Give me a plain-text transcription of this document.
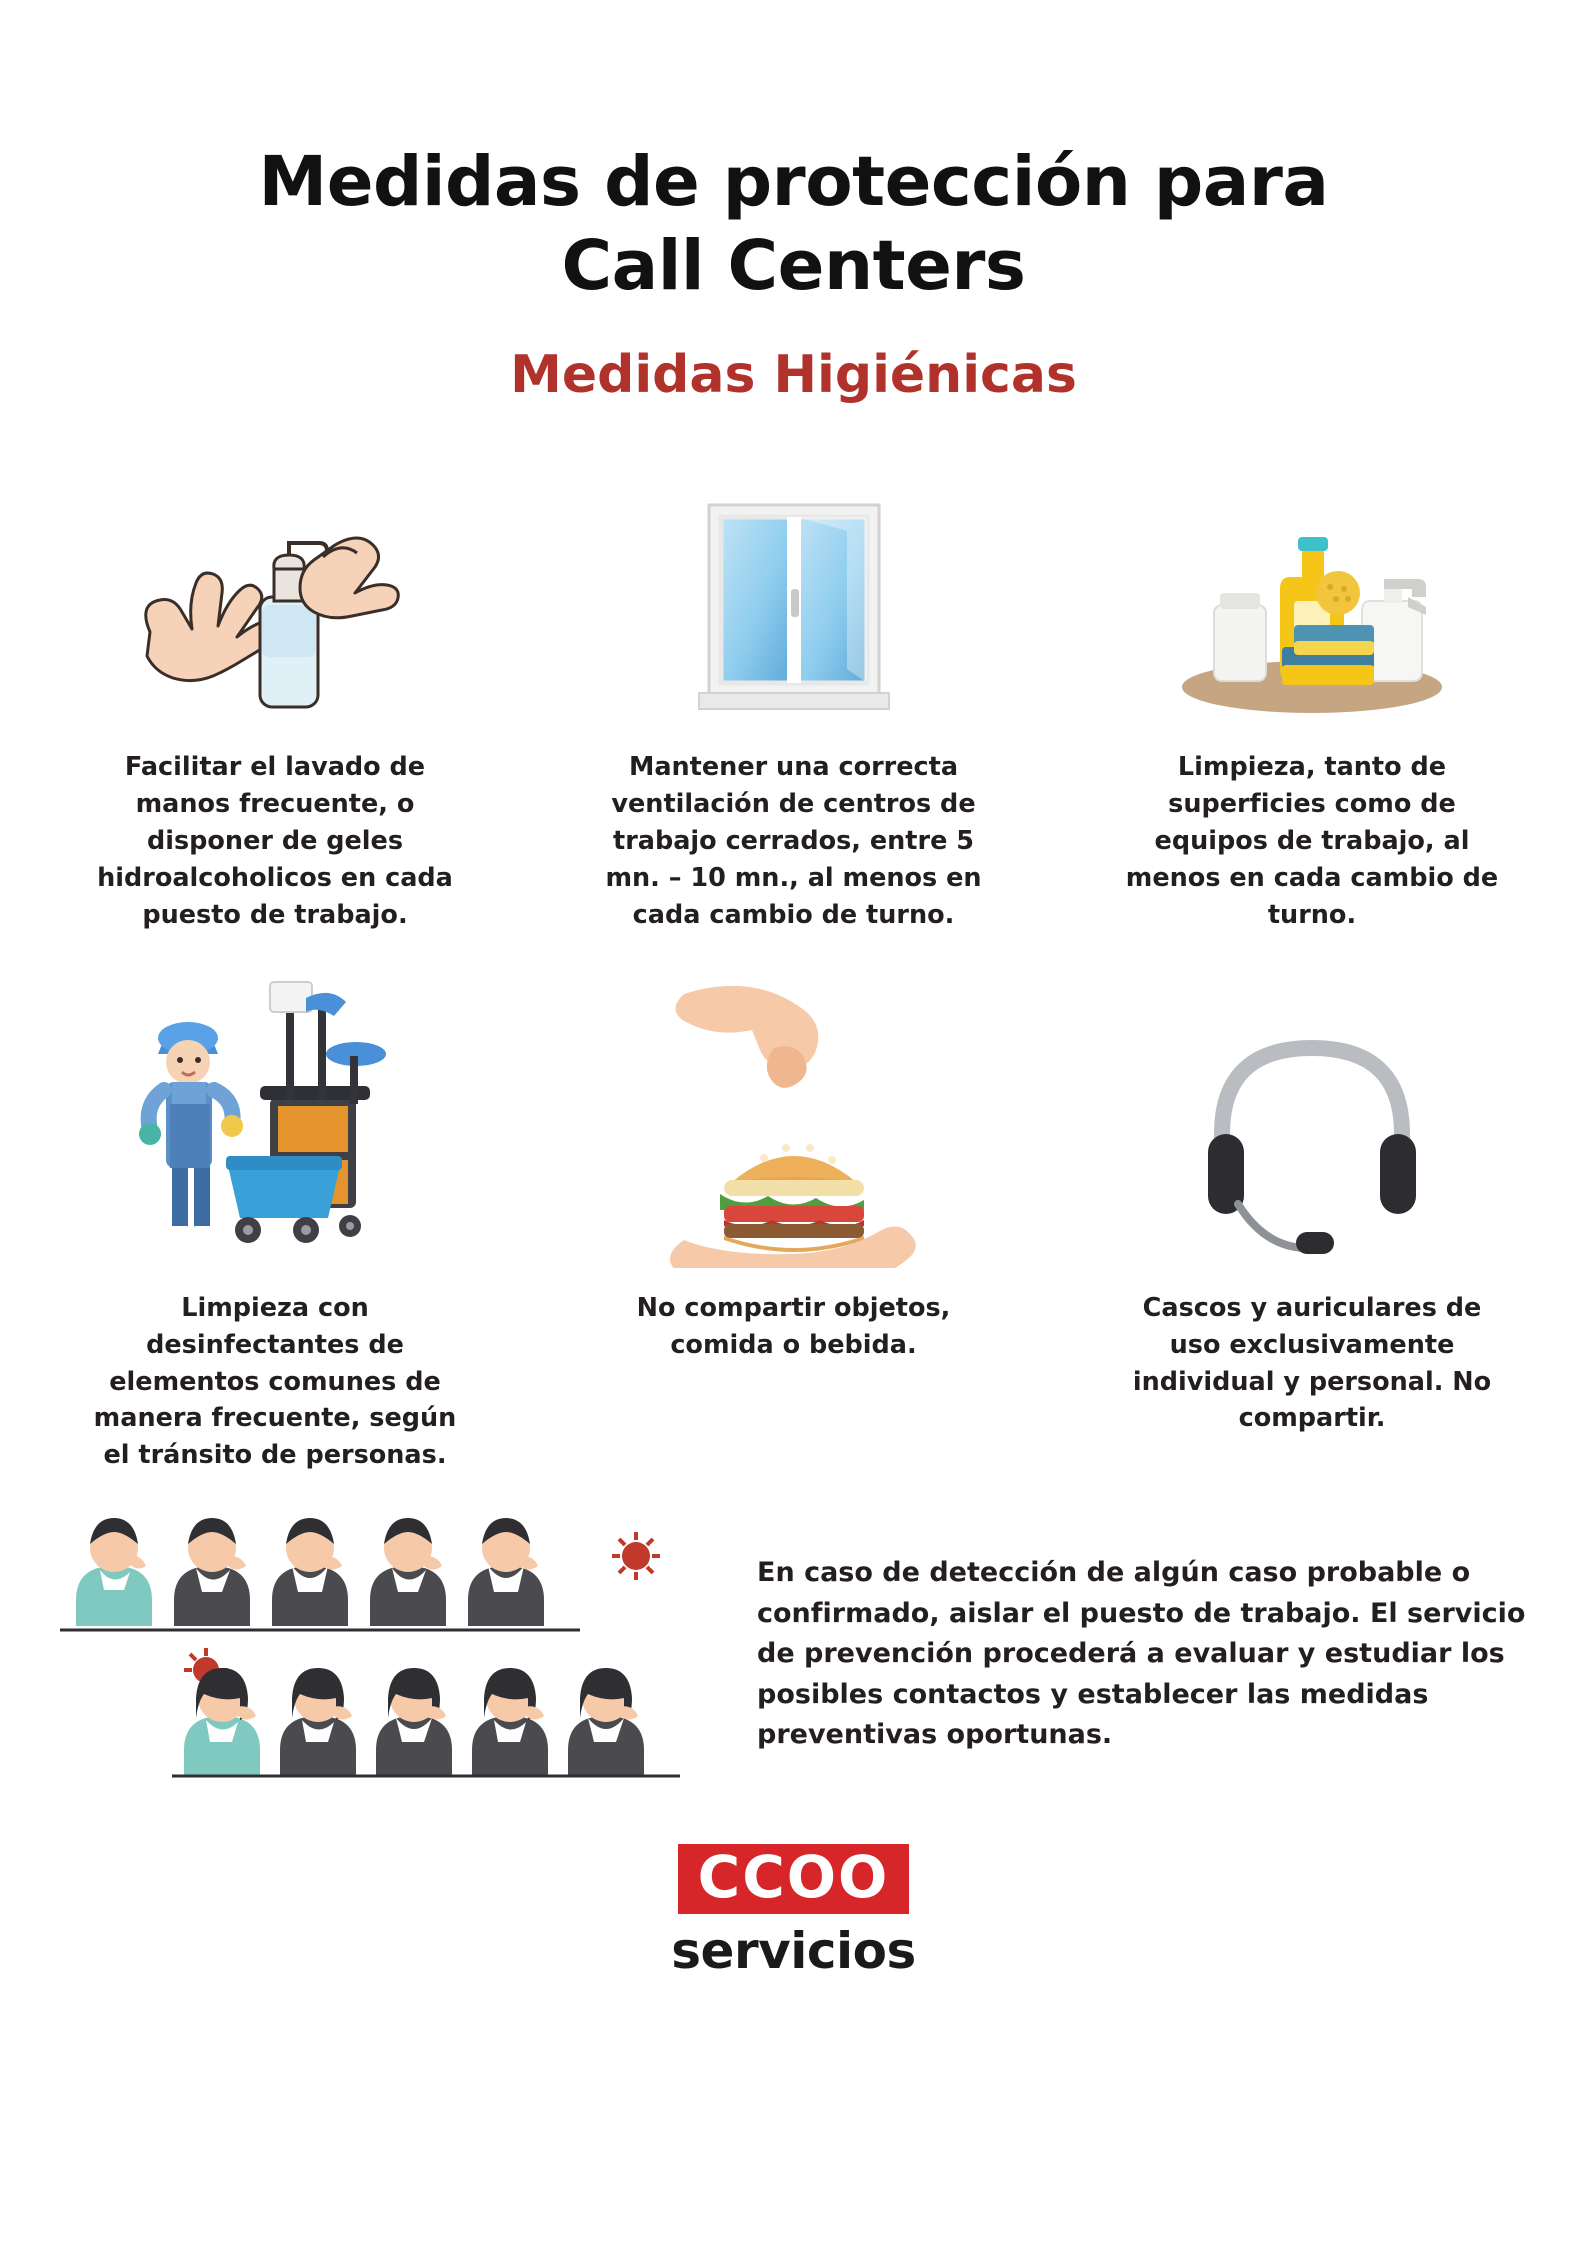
Medidas de protección para
Call Centers
Medidas Higiénicas
Facilitar el lavado de manos frecuente, o disponer de geles hidroalcoholicos en cada puesto de trabajo.
Mantener una correcta ventilación de centros de trabajo cerrados, entre 5 mn. – 10 mn., al menos en cada cambio de turno.
Limpieza, tanto de superficies como de equipos de trabajo, al menos en cada cambio de turno.
Limpieza con desinfectantes de elementos comunes de manera frecuente, según el tránsito de personas.
No compartir objetos, comida o bebida.
Cascos y auriculares de uso exclusivamente individual y personal. No compartir.
En caso de detección de algún caso probable o confirmado, aislar el puesto de trabajo. El servicio de prevención procederá a evaluar y estudiar los posibles contactos y establecer las medidas preventivas oportunas.
CCOO
servicios
